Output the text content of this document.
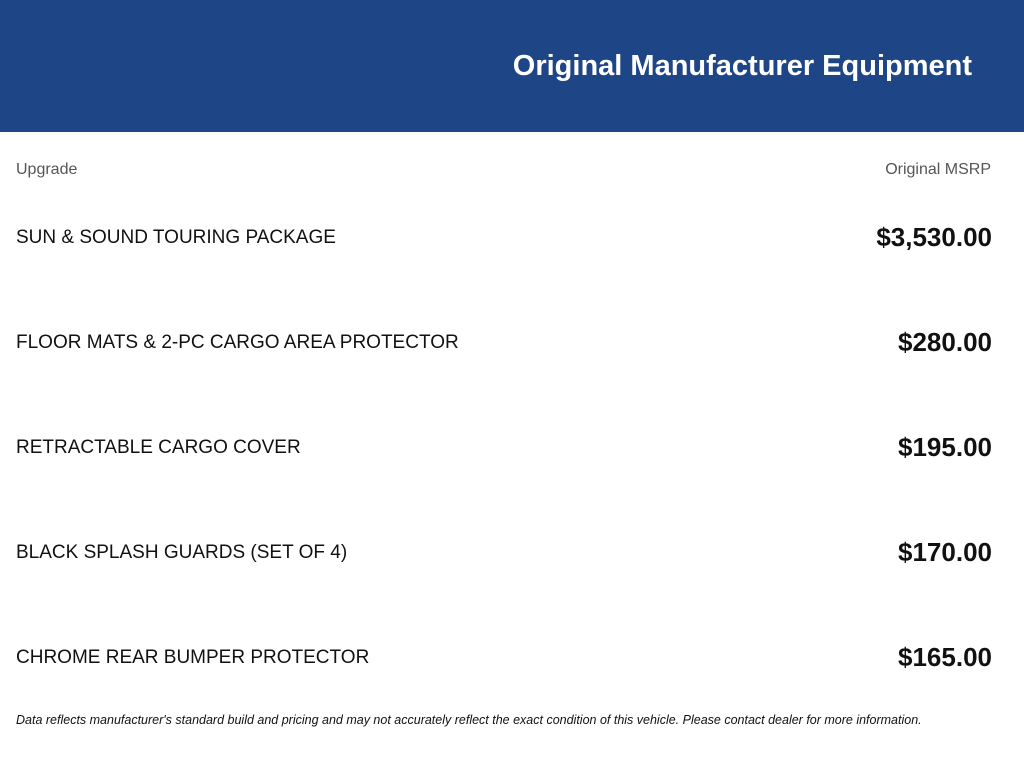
Original Manufacturer Equipment
Upgrade	Original MSRP
SUN & SOUND TOURING PACKAGE	$3,530.00
FLOOR MATS & 2-PC CARGO AREA PROTECTOR	$280.00
RETRACTABLE CARGO COVER	$195.00
BLACK SPLASH GUARDS (SET OF 4)	$170.00
CHROME REAR BUMPER PROTECTOR	$165.00
Data reflects manufacturer's standard build and pricing and may not accurately reflect the exact condition of this vehicle. Please contact dealer for more information.
